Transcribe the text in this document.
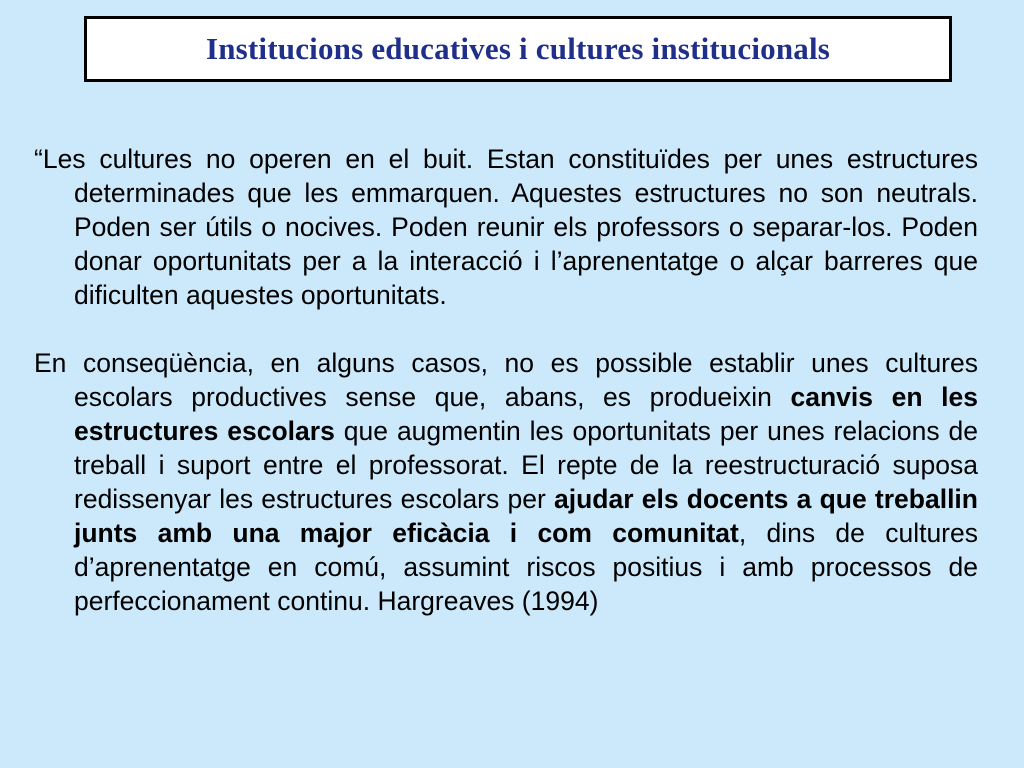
Institucions educatives i cultures institucionals

“Les cultures no operen en el buit. Estan constituïdes per unes estructures determinades que les emmarquen. Aquestes estructures no son neutrals. Poden ser útils o nocives. Poden reunir els professors o separar-los. Poden donar oportunitats per a la interacció i l’aprenentatge o alçar barreres que dificulten aquestes oportunitats.

En conseqüència, en alguns casos, no es possible establir unes cultures escolars productives sense que, abans, es produeixin canvis en les estructures escolars que augmentin les oportunitats per unes relacions de treball i suport entre el professorat. El repte de la reestructuració suposa redissenyar les estructures escolars per ajudar els docents a que treballin junts amb una major eficàcia i com comunitat, dins de cultures d’aprenentatge en comú, assumint riscos positius i amb processos de perfeccionament continu. Hargreaves (1994)
